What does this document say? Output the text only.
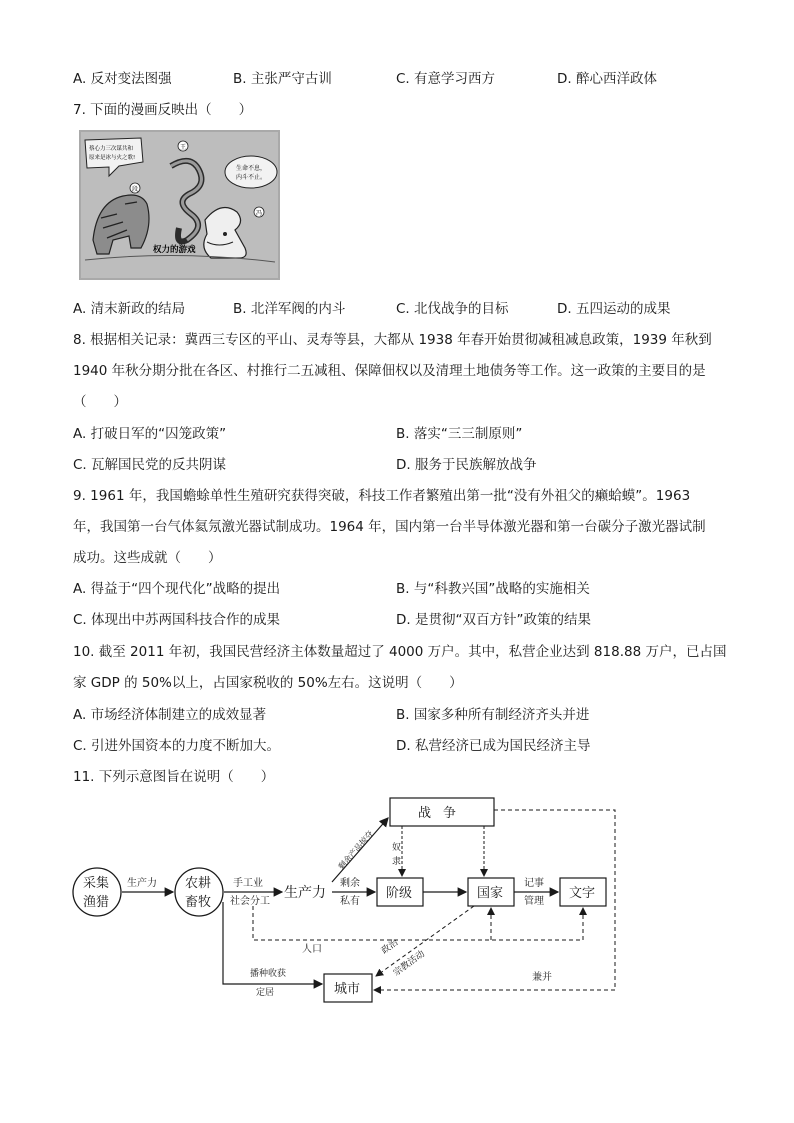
A. 反对变法图强	B. 主张严守古训	C. 有意学习西方	D. 醉心西洋政体
7. 下面的漫画反映出（　　）
蔡心力三次谋共和 原来是冰与火之歌!
生命不息， 内斗不止。
段
王
冯
权力的游戏
A. 清末新政的结局	B. 北洋军阀的内斗	C. 北伐战争的目标	D. 五四运动的成果
8. 根据相关记录：冀西三专区的平山、灵寿等县，大都从 1938 年春开始贯彻减租减息政策，1939 年秋到
1940 年秋分期分批在各区、村推行二五减租、保障佃权以及清理土地债务等工作。这一政策的主要目的是
（　　）
A. 打破日军的“囚笼政策”	B. 落实“三三制原则”
C. 瓦解国民党的反共阴谋	D. 服务于民族解放战争
9. 1961 年，我国蟾蜍单性生殖研究获得突破，科技工作者繁殖出第一批“没有外祖父的癞蛤蟆”。1963
年，我国第一台气体氦氖激光器试制成功。1964 年，国内第一台半导体激光器和第一台碳分子激光器试制
成功。这些成就（　　）
A. 得益于“四个现代化”战略的提出	B. 与“科教兴国”战略的实施相关
C. 体现出中苏两国科技合作的成果	D. 是贯彻“双百方针”政策的结果
10. 截至 2011 年初，我国民营经济主体数量超过了 4000 万户。其中，私营企业达到 818.88 万户，已占国
家 GDP 的 50%以上，占国家税收的 50%左右。这说明（　　）
A. 市场经济体制建立的成效显著	B. 国家多种所有制经济齐头并进
C. 引进外国资本的力度不断加大。	D. 私营经济已成为国民经济主导
11. 下列示意图旨在说明（　　）
采集
渔猎
农耕
畜牧
生产力	手工业
社会分工
生产力
剩余
私有
阶级	国家
记事
管理
文字
战争
剩余产品掠夺 奴
隶
人口
兼并
政治
宗教活动
播种收获
定居	城市
